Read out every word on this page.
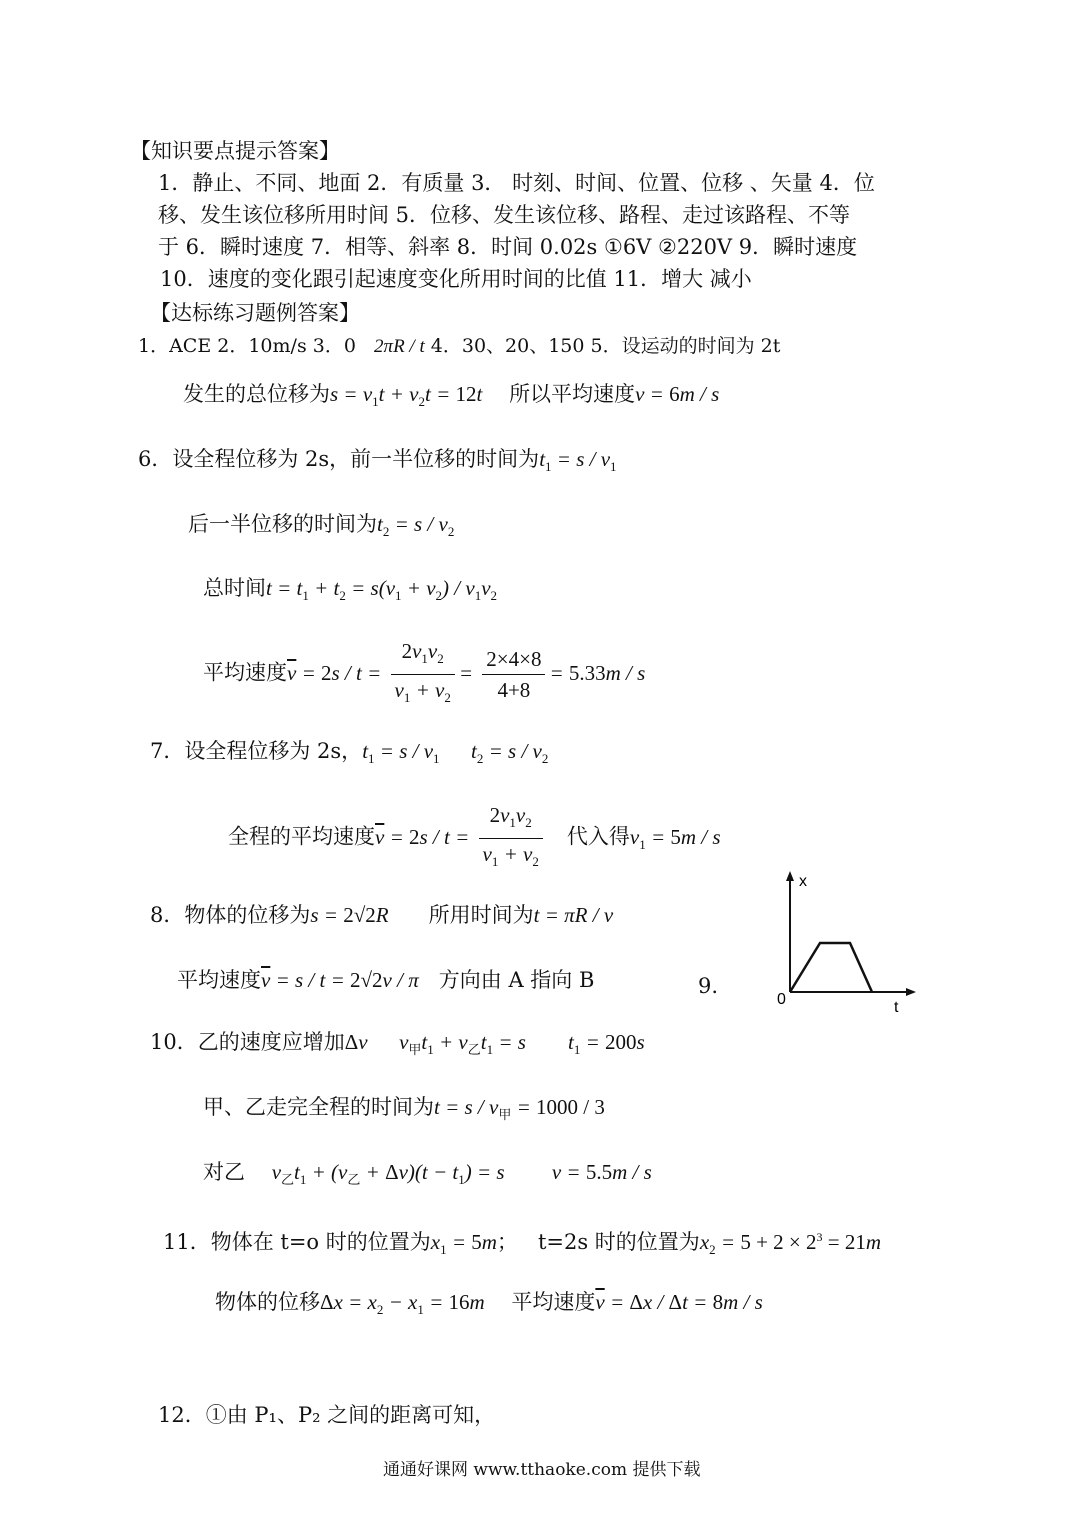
【知识要点提示答案】
1．静止、不同、地面 2．有质量 3． 时刻、时间、位置、位移 、矢量 4．位
移、发生该位移所用时间 5．位移、发生该位移、路程、走过该路程、不等
于 6．瞬时速度 7．相等、斜率 8．时间 0.02s ①6V ②220V 9．瞬时速度
10．速度的变化跟引起速度变化所用时间的比值 11．增大 减小
【达标练习题例答案】
1．ACE 2．10m/s 3．0 2πR / t 4．30、20、150 5．设运动的时间为 2t
发生的总位移为$s = v_1t + v_2t = 12t$ 所以平均速度v = 6m / s
6．设全程位移为 2s，前一半位移的时间为$t_1 = s / v_1$
后一半位移的时间为$t_2 = s / v_2$
总时间$t = t_1 + t_2 = s(v_1 + v_2) / v_1v_2$
平均速度$\overline{v} = 2s / t = \frac{2v_1v_2}{v_1 + v_2} = \frac{2\times 4\times 8}{4+8} = 5.33m / s$
7．设全程位移为 2s，$t_1 = s / v_1$      $t_2 = s / v_2$
全程的平均速度$\overline{v} = 2s / t = \frac{2v_1v_2}{v_1 + v_2}$ 代入得$v_1 = 5m / s$
8．物体的位移为s = 2√2R 所用时间为t = πR / v
平均速度$\overline{v} = s / t = 2√2v / \pi$ 方向由 A 指向 B	9.
x
t
0
10．乙的速度应增加Δv      $v_甲t_1 + v_乙t_1 = s$        $t_1 = 200s$
甲、乙走完全程的时间为$t = s / v_甲 = 1000 / 3$
对乙 $v_乙t_1 + (v_乙 + \Delta v)(t - t_1) = s$         v = 5.5m / s
11．物体在 t=o 时的位置为$x_1 = 5m$；   t=2s 时的位置为$x_2 = 5 + 2 \times 2^3 = 21m$
物体的位移$\Delta x = x_2 - x_1 = 16m$ 平均速度$\overline{v} = \Delta x / \Delta t = 8m / s$
12．①由 P₁、P₂ 之间的距离可知，
通通好课网 www.tthaoke.com 提供下载
